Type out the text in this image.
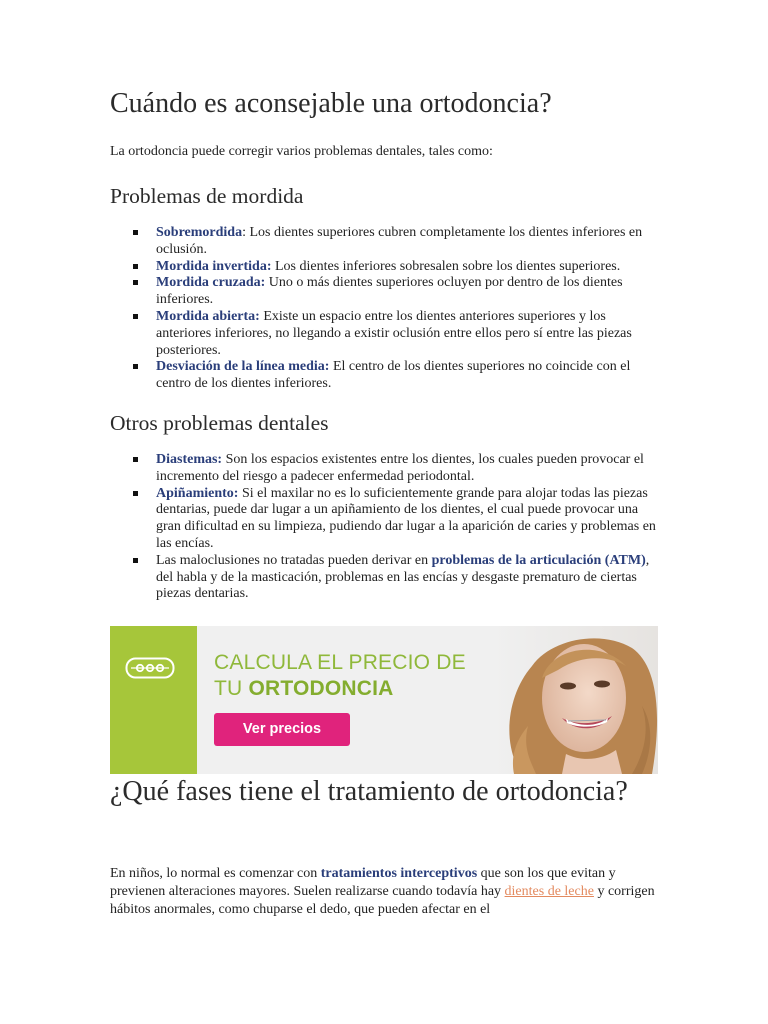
Cuándo es aconsejable una ortodoncia?

La ortodoncia puede corregir varios problemas dentales, tales como:

Problemas de mordida
Sobremordida: Los dientes superiores cubren completamente los dientes inferiores en oclusión.
Mordida invertida: Los dientes inferiores sobresalen sobre los dientes superiores.
Mordida cruzada: Uno o más dientes superiores ocluyen por dentro de los dientes inferiores.
Mordida abierta: Existe un espacio entre los dientes anteriores superiores y los anteriores inferiores, no llegando a existir oclusión entre ellos pero sí entre las piezas posteriores.
Desviación de la línea media: El centro de los dientes superiores no coincide con el centro de los dientes inferiores.
Otros problemas dentales
Diastemas: Son los espacios existentes entre los dientes, los cuales pueden provocar el incremento del riesgo a padecer enfermedad periodontal.
Apiñamiento: Si el maxilar no es lo suficientemente grande para alojar todas las piezas dentarias, puede dar lugar a un apiñamiento de los dientes, el cual puede provocar una gran dificultad en su limpieza, pudiendo dar lugar a la aparición de caries y problemas en las encías.
Las maloclusiones no tratadas pueden derivar en problemas de la articulación (ATM), del habla y de la masticación, problemas en las encías y desgaste prematuro de ciertas piezas dentarias.
¿Qué fases tiene el tratamiento de ortodoncia?

En niños, lo normal es comenzar con tratamientos interceptivos que son los que evitan y previenen alteraciones mayores. Suelen realizarse cuando todavía hay dientes de leche y corrigen hábitos anormales, como chuparse el dedo, que pueden afectar en el

CALCULA EL PRECIO DE
TU ORTODONCIA
Ver precios
